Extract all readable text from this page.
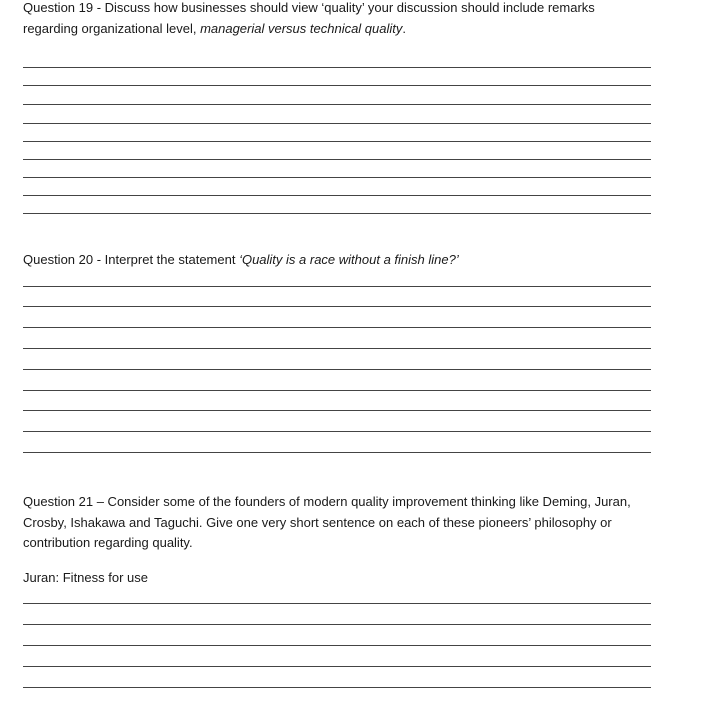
Question 19 - Discuss how businesses should view ‘quality’ your discussion should include remarks regarding organizational level, managerial versus technical quality.

Question 20 - Interpret the statement ‘Quality is a race without a finish line?’

Question 21 – Consider some of the founders of modern quality improvement thinking like Deming, Juran, Crosby, Ishakawa and Taguchi. Give one very short sentence on each of these pioneers’ philosophy or contribution regarding quality.

Juran: Fitness for use
